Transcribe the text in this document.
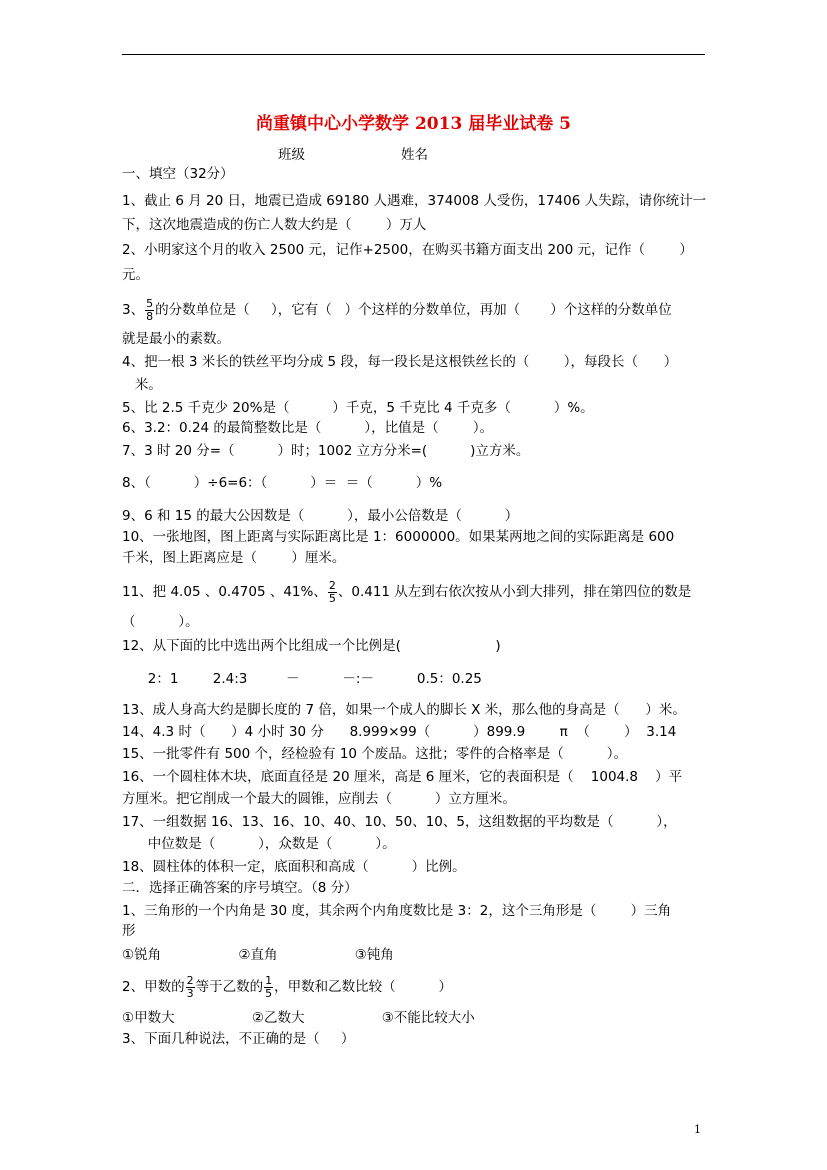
尚重镇中心小学数学 2013 届毕业试卷 5
班级	姓名
一、填空（32分）
1、截止 6 月 20 日，地震已造成 69180 人遇难，374008 人受伤，17406 人失踪，请你统计一
下，这次地震造成的伤亡人数大约是（        ）万人
2、小明家这个月的收入 2500 元，记作+2500，在购买书籍方面支出 200 元，记作（        ）
元。
3、 $\frac{5}{8}$ 的分数单位是（     ），它有（   ）个这样的分数单位，再加（       ）个这样的分数单位
就是最小的素数。
4、把一根 3 米长的铁丝平均分成 5 段，每一段长是这根铁丝长的（        ），每段长（      ）
米。
5、比 2.5 千克少 20%是（          ）千克，5 千克比 4 千克多（          ）%。
6、3.2：0.24 的最简整数比是（          ），比值是（        ）。
7、3 时 20 分=（          ）时；1002 立方分米=(          )立方米。
8、（          ）÷6=6：（          ）＝  ＝（          ）%
9、6 和 15 的最大公因数是（          ），最小公倍数是（          ）
10、一张地图，图上距离与实际距离比是 1：6000000。如果某两地之间的实际距离是 600
千米，图上距离应是（        ）厘米。
11、把 4.05 、0.4705 、41%、 $\frac{2}{5}$ 、0.411 从左到右依次按从小到大排列，排在第四位的数是
（          ）。
12、从下面的比中选出两个比组成一个比例是(                      )
2：1        2.4:3         －          －:－          0.5：0.25
13、成人身高大约是脚长度的 7 倍，如果一个成人的脚长 X 米，那么他的身高是（      ）米。
14、4.3 时（      ）4 小时 30 分      8.999×99（          ）899.9        π  （        ）  3.14
15、一批零件有 500 个，经检验有 10 个废品。这批；零件的合格率是（          ）。
16、一个圆柱体木块，底面直径是 20 厘米，高是 6 厘米，它的表面积是（    1004.8    ）平
方厘米。把它削成一个最大的圆锥，应削去（          ）立方厘米。
17、一组数据 16、13、16、10、40、10、50、10、5，这组数据的平均数是（          ），
中位数是（          ），众数是（          ）。
18、圆柱体的体积一定，底面积和高成（          ）比例。
二．选择正确答案的序号填空。（8 分）
1、三角形的一个内角是 30 度，其余两个内角度数比是 3：2，这个三角形是（        ）三角
形
①锐角                  ②直角                  ③钝角
2、甲数的 $\frac{2}{3}$ 等于乙数的 $\frac{1}{5}$ ，甲数和乙数比较（          ）
①甲数大                  ②乙数大                  ③不能比较大小
3、下面几种说法，不正确的是（     ）
1
